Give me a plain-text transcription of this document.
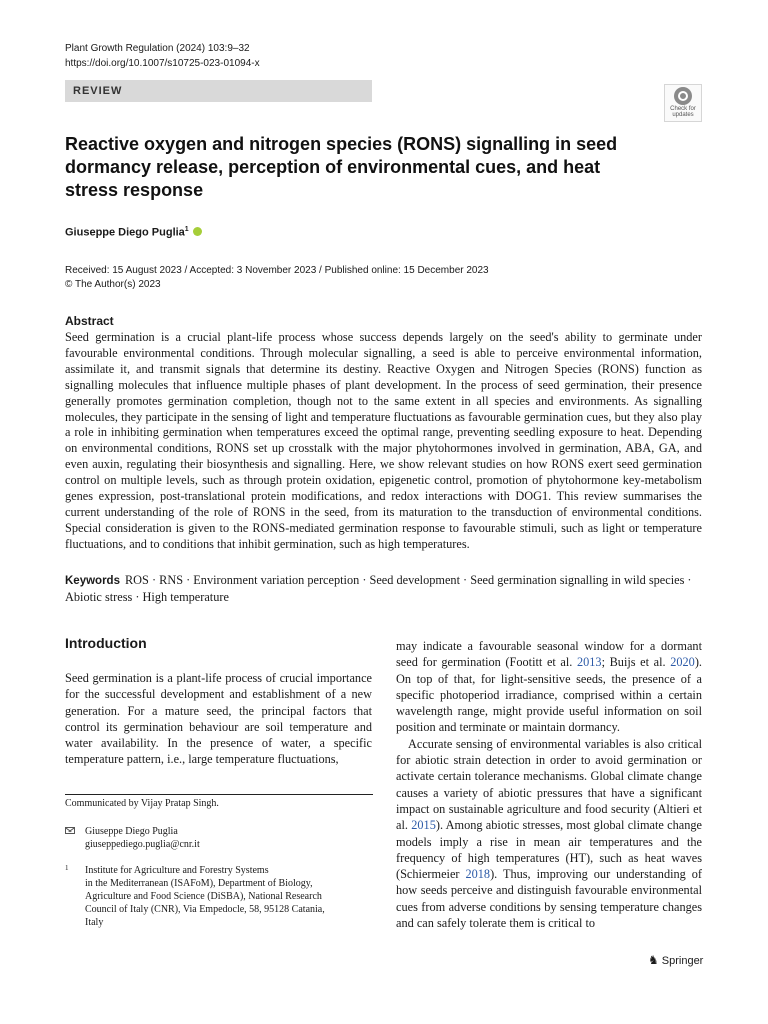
Plant Growth Regulation (2024) 103:9–32
https://doi.org/10.1007/s10725-023-01094-x
REVIEW
Check for
updates
Reactive oxygen and nitrogen species (RONS) signalling in seed dormancy release, perception of environmental cues, and heat stress response
Giuseppe Diego Puglia$^1$
Received: 15 August 2023 / Accepted: 3 November 2023 / Published online: 15 December 2023
© The Author(s) 2023
Abstract

Seed germination is a crucial plant-life process whose success depends largely on the seed's ability to germinate under favourable environmental conditions. Through molecular signalling, a seed is able to perceive environmental information, assimilate it, and transmit signals that determine its destiny. Reactive Oxygen and Nitrogen Species (RONS) function as signalling molecules that influence multiple phases of plant development. In the process of seed germination, their presence generally promotes germination completion, though not to the same extent in all species and environments. As signalling molecules, they participate in the sensing of light and temperature fluctuations as favourable germination cues, but they also play a role in inhibiting germination when temperatures exceed the optimal range, preventing seedling exposure to heat. Depending on environmental conditions, RONS set up crosstalk with the major phytohormones involved in germination, ABA, GA, and even auxin, regulating their biosynthesis and signalling. Here, we show relevant studies on how RONS exert seed germination control on multiple levels, such as through protein oxidation, epigenetic control, promotion of phytohormone key-metabolism genes expression, post-translational protein modifications, and redox interactions with DOG1. This review summarises the current understanding of the role of RONS in the seed, from its maturation to the transduction of environmental conditions. Special consideration is given to the RONS-mediated germination response to favourable stimuli, such as light or temperature fluctuations, and to conditions that inhibit germination, such as high temperatures.

Keywords ROS · RNS · Environment variation perception · Seed development · Seed germination signalling in wild species · Abiotic stress · High temperature
Introduction

Seed germination is a plant-life process of crucial importance for the successful development and establishment of a new generation. For a mature seed, the principal factors that control its germination behaviour are soil temperature and water availability. In the presence of water, a specific temperature pattern, i.e., large temperature fluctuations,

may indicate a favourable seasonal window for a dormant seed for germination (Footitt et al. 2013; Buijs et al. 2020). On top of that, for light-sensitive seeds, the presence of a specific photoperiod irradiance, comprised within a certain wavelength range, might provide useful information on soil position and terminate or maintain dormancy.

Accurate sensing of environmental variables is also critical for abiotic strain detection in order to avoid germination or activate certain tolerance mechanisms. Global climate change causes a variety of abiotic pressures that have a significant impact on sustainable agriculture and food security (Altieri et al. 2015). Among abiotic stresses, most global climate change models imply a rise in mean air temperatures and the frequency of high temperatures (HT), such as heat waves (Schiermeier 2018). Thus, improving our understanding of how seeds perceive and distinguish favourable environmental cues from adverse conditions by sensing temperature changes and can safely tolerate them is critical to

Communicated by Vijay Pratap Singh.
Giuseppe Diego Puglia
giuseppediego.puglia@cnr.it
1 Institute for Agriculture and Forestry Systems
in the Mediterranean (ISAFoM), Department of Biology,
Agriculture and Food Science (DiSBA), National Research
Council of Italy (CNR), Via Empedocle, 58, 95128 Catania,
Italy
♞ Springer
